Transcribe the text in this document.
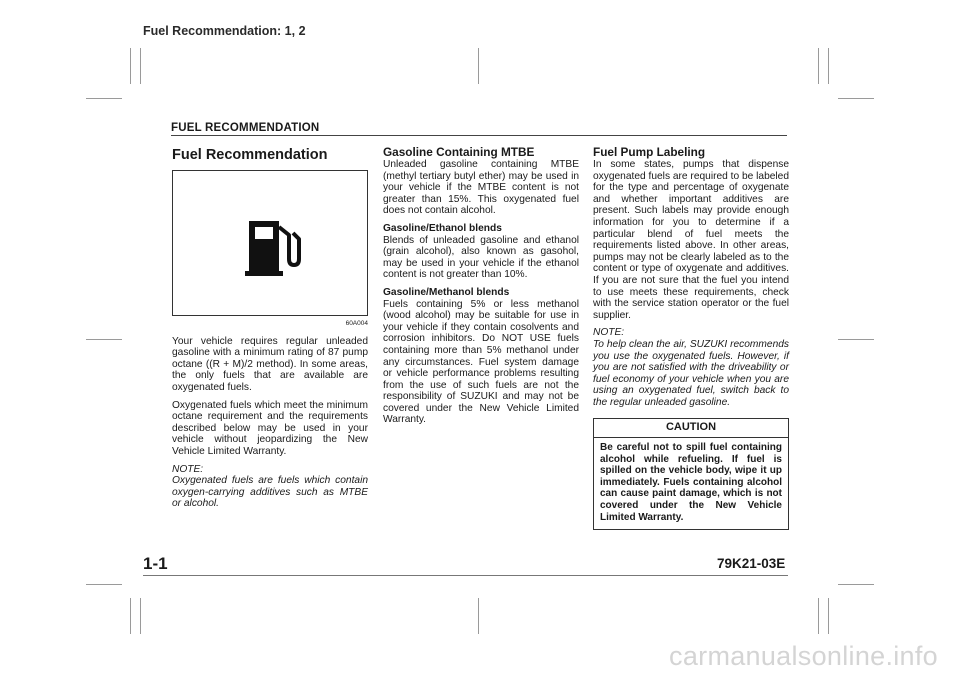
Fuel Recommendation: 1, 2
FUEL RECOMMENDATION
Fuel Recommendation
60A004

Your vehicle requires regular unleaded gasoline with a minimum rating of 87 pump octane ((R + M)/2 method). In some areas, the only fuels that are available are oxygenated fuels.

Oxygenated fuels which meet the minimum octane requirement and the requirements described below may be used in your vehicle without jeopardizing the New Vehicle Limited Warranty.

NOTE:

Oxygenated fuels are fuels which contain oxygen-carrying additives such as MTBE or alcohol.

Gasoline Containing MTBE

Unleaded gasoline containing MTBE (methyl tertiary butyl ether) may be used in your vehicle if the MTBE content is not greater than 15%. This oxygenated fuel does not contain alcohol.

Gasoline/Ethanol blends

Blends of unleaded gasoline and ethanol (grain alcohol), also known as gasohol, may be used in your vehicle if the ethanol content is not greater than 10%.

Gasoline/Methanol blends

Fuels containing 5% or less methanol (wood alcohol) may be suitable for use in your vehicle if they contain cosolvents and corrosion inhibitors. Do NOT USE fuels containing more than 5% methanol under any circumstances. Fuel system damage or vehicle performance problems resulting from the use of such fuels are not the responsibility of SUZUKI and may not be covered under the New Vehicle Limited Warranty.

Fuel Pump Labeling

In some states, pumps that dispense oxygenated fuels are required to be labeled for the type and percentage of oxygenate and whether important additives are present. Such labels may provide enough information for you to determine if a particular blend of fuel meets the requirements listed above. In other areas, pumps may not be clearly labeled as to the content or type of oxygenate and additives. If you are not sure that the fuel you intend to use meets these requirements, check with the service station operator or the fuel supplier.

NOTE:

To help clean the air, SUZUKI recommends you use the oxygenated fuels. However, if you are not satisfied with the driveability or fuel economy of your vehicle when you are using an oxygenated fuel, switch back to the regular unleaded gasoline.

CAUTION
Be careful not to spill fuel containing alcohol while refueling. If fuel is spilled on the vehicle body, wipe it up immediately. Fuels containing alcohol can cause paint damage, which is not covered under the New Vehicle Limited Warranty.
1-1	79K21-03E
carmanualsonline.info
